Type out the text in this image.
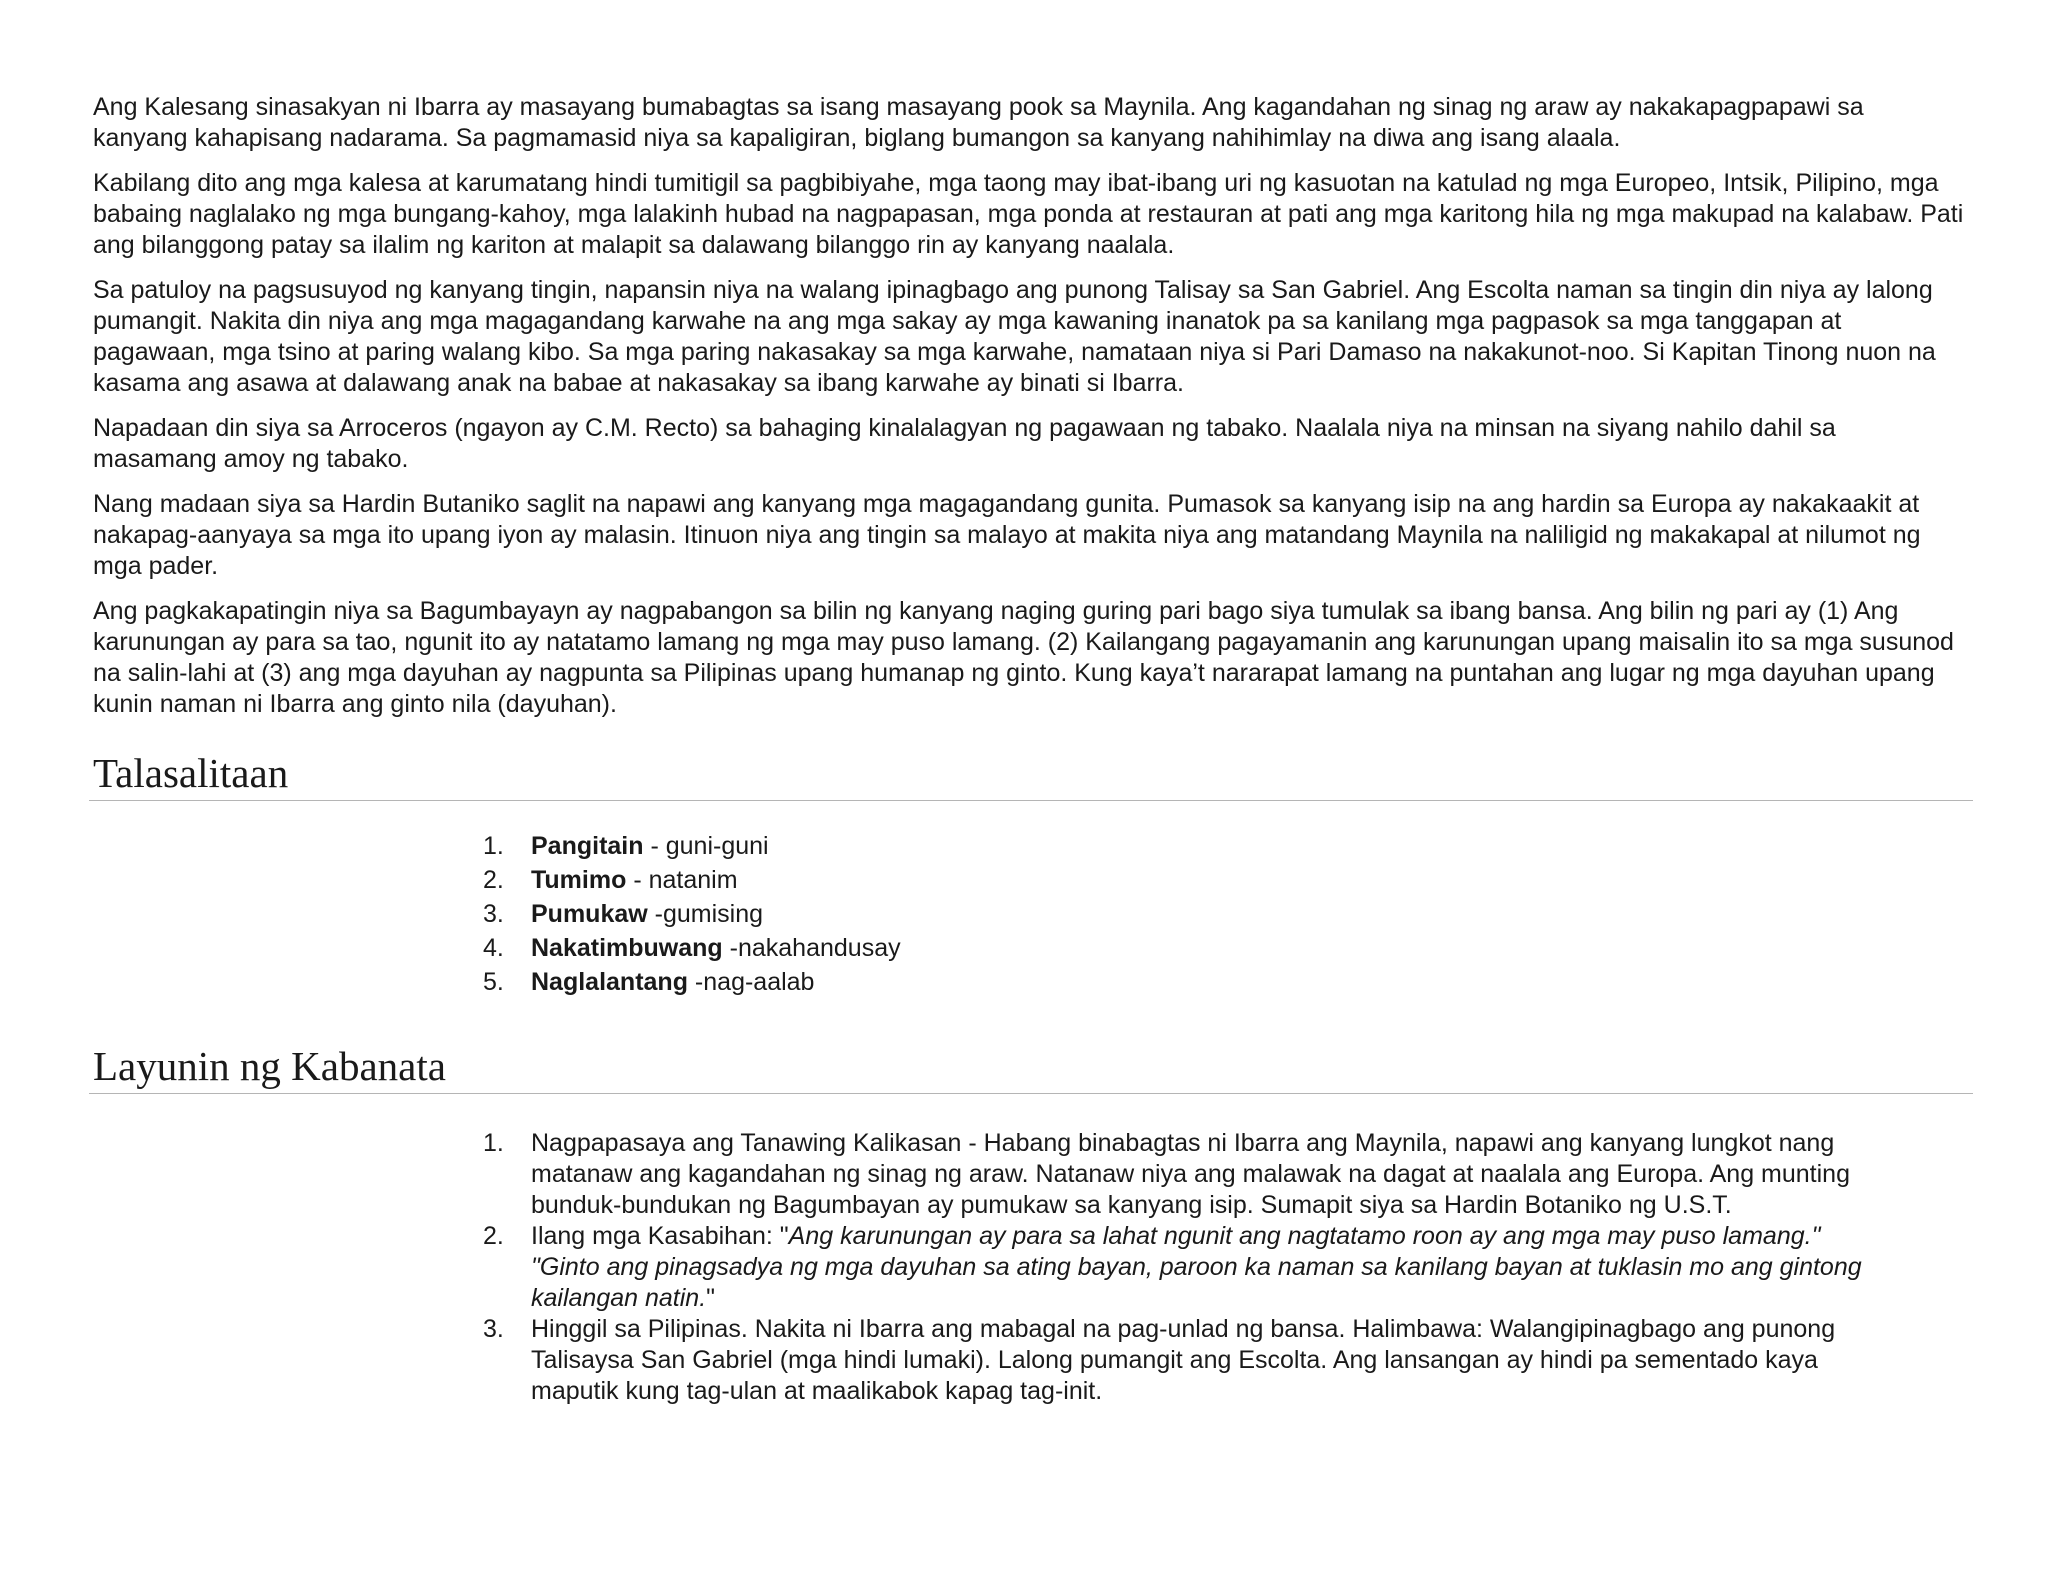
Ang Kalesang sinasakyan ni Ibarra ay masayang bumabagtas sa isang masayang pook sa Maynila. Ang kagandahan ng sinag ng araw ay nakakapagpapawi sa kanyang kahapisang nadarama. Sa pagmamasid niya sa kapaligiran, biglang bumangon sa kanyang nahihimlay na diwa ang isang alaala.

Kabilang dito ang mga kalesa at karumatang hindi tumitigil sa pagbibiyahe, mga taong may ibat-ibang uri ng kasuotan na katulad ng mga Europeo, Intsik, Pilipino, mga babaing naglalako ng mga bungang-kahoy, mga lalakinh hubad na nagpapasan, mga ponda at restauran at pati ang mga karitong hila ng mga makupad na kalabaw. Pati ang bilanggong patay sa ilalim ng kariton at malapit sa dalawang bilanggo rin ay kanyang naalala.

Sa patuloy na pagsusuyod ng kanyang tingin, napansin niya na walang ipinagbago ang punong Talisay sa San Gabriel. Ang Escolta naman sa tingin din niya ay lalong pumangit. Nakita din niya ang mga magagandang karwahe na ang mga sakay ay mga kawaning inanatok pa sa kanilang mga pagpasok sa mga tanggapan at pagawaan, mga tsino at paring walang kibo. Sa mga paring nakasakay sa mga karwahe, namataan niya si Pari Damaso na nakakunot-noo. Si Kapitan Tinong nuon na kasama ang asawa at dalawang anak na babae at nakasakay sa ibang karwahe ay binati si Ibarra.

Napadaan din siya sa Arroceros (ngayon ay C.M. Recto) sa bahaging kinalalagyan ng pagawaan ng tabako. Naalala niya na minsan na siyang nahilo dahil sa masamang amoy ng tabako.

Nang madaan siya sa Hardin Butaniko saglit na napawi ang kanyang mga magagandang gunita. Pumasok sa kanyang isip na ang hardin sa Europa ay nakakaakit at nakapag-aanyaya sa mga ito upang iyon ay malasin. Itinuon niya ang tingin sa malayo at makita niya ang matandang Maynila na naliligid ng makakapal at nilumot ng mga pader.

Ang pagkakapatingin niya sa Bagumbayayn ay nagpabangon sa bilin ng kanyang naging guring pari bago siya tumulak sa ibang bansa. Ang bilin ng pari ay (1) Ang karunungan ay para sa tao, ngunit ito ay natatamo lamang ng mga may puso lamang. (2) Kailangang pagayamanin ang karunungan upang maisalin ito sa mga susunod na salin-lahi at (3) ang mga dayuhan ay nagpunta sa Pilipinas upang humanap ng ginto. Kung kaya’t nararapat lamang na puntahan ang lugar ng mga dayuhan upang kunin naman ni Ibarra ang ginto nila (dayuhan).

Talasalitaan
1.	Pangitain - guni-guni
2.	Tumimo - natanim
3.	Pumukaw -gumising
4.	Nakatimbuwang -nakahandusay
5.	Naglalantang -nag-aalab
Layunin ng Kabanata
1.	Nagpapasaya ang Tanawing Kalikasan - Habang binabagtas ni Ibarra ang Maynila, napawi ang kanyang lungkot nang matanaw ang kagandahan ng sinag ng araw. Natanaw niya ang malawak na dagat at naalala ang Europa. Ang munting bunduk-bundukan ng Bagumbayan ay pumukaw sa kanyang isip. Sumapit siya sa Hardin Botaniko ng U.S.T.
2.	Ilang mga Kasabihan: "Ang karunungan ay para sa lahat ngunit ang nagtatamo roon ay ang mga may puso lamang." "Ginto ang pinagsadya ng mga dayuhan sa ating bayan, paroon ka naman sa kanilang bayan at tuklasin mo ang gintong kailangan natin."
3.	Hinggil sa Pilipinas. Nakita ni Ibarra ang mabagal na pag-unlad ng bansa. Halimbawa: Walangipinagbago ang punong Talisaysa San Gabriel (mga hindi lumaki). Lalong pumangit ang Escolta. Ang lansangan ay hindi pa sementado kaya maputik kung tag-ulan at maalikabok kapag tag-init.
